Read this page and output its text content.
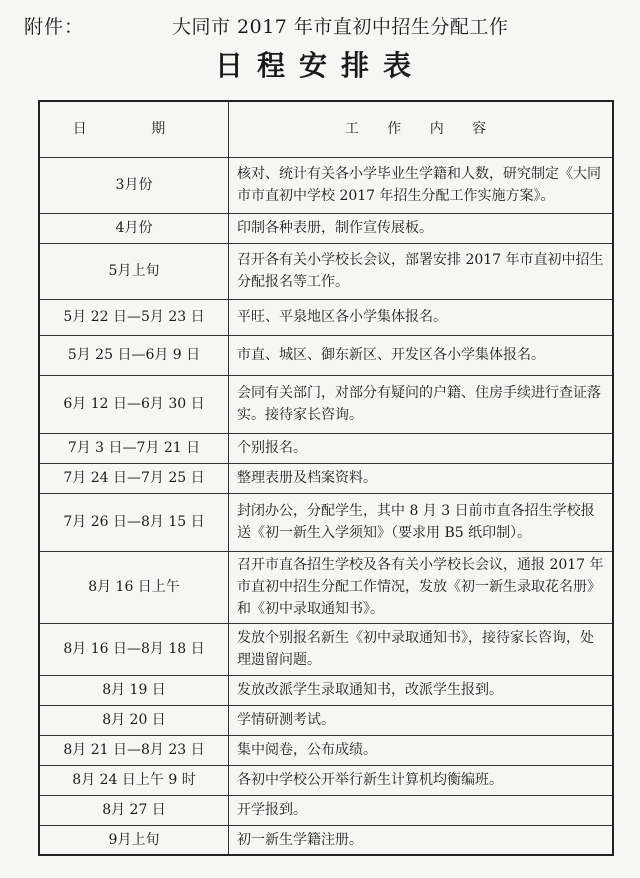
附件：	大同市 2017 年市直初中招生分配工作
日程安排表
日 期	工 作 内 容
3月份	核对、统计有关各小学毕业生学籍和人数，研究制定《大同市市直初中学校 2017 年招生分配工作实施方案》。
4月份	印制各种表册，制作宣传展板。
5月上旬	召开各有关小学校长会议，部署安排 2017 年市直初中招生分配报名等工作。
5月 22 日—5月 23 日	平旺、平泉地区各小学集体报名。
5月 25 日—6月 9 日	市直、城区、御东新区、开发区各小学集体报名。
6月 12 日—6月 30 日	会同有关部门，对部分有疑问的户籍、住房手续进行查证落实。接待家长咨询。
7月 3 日—7月 21 日	个别报名。
7月 24 日—7月 25 日	整理表册及档案资料。
7月 26 日—8月 15 日	封闭办公，分配学生，其中 8 月 3 日前市直各招生学校报送《初一新生入学须知》（要求用 B5 纸印制）。
8月 16 日上午	召开市直各招生学校及各有关小学校长会议，通报 2017 年市直初中招生分配工作情况，发放《初一新生录取花名册》和《初中录取通知书》。
8月 16 日—8月 18 日	发放个别报名新生《初中录取通知书》，接待家长咨询，处理遗留问题。
8月 19 日	发放改派学生录取通知书，改派学生报到。
8月 20 日	学情研测考试。
8月 21 日—8月 23 日	集中阅卷，公布成绩。
8月 24 日上午 9 时	各初中学校公开举行新生计算机均衡编班。
8月 27 日	开学报到。
9月上旬	初一新生学籍注册。
